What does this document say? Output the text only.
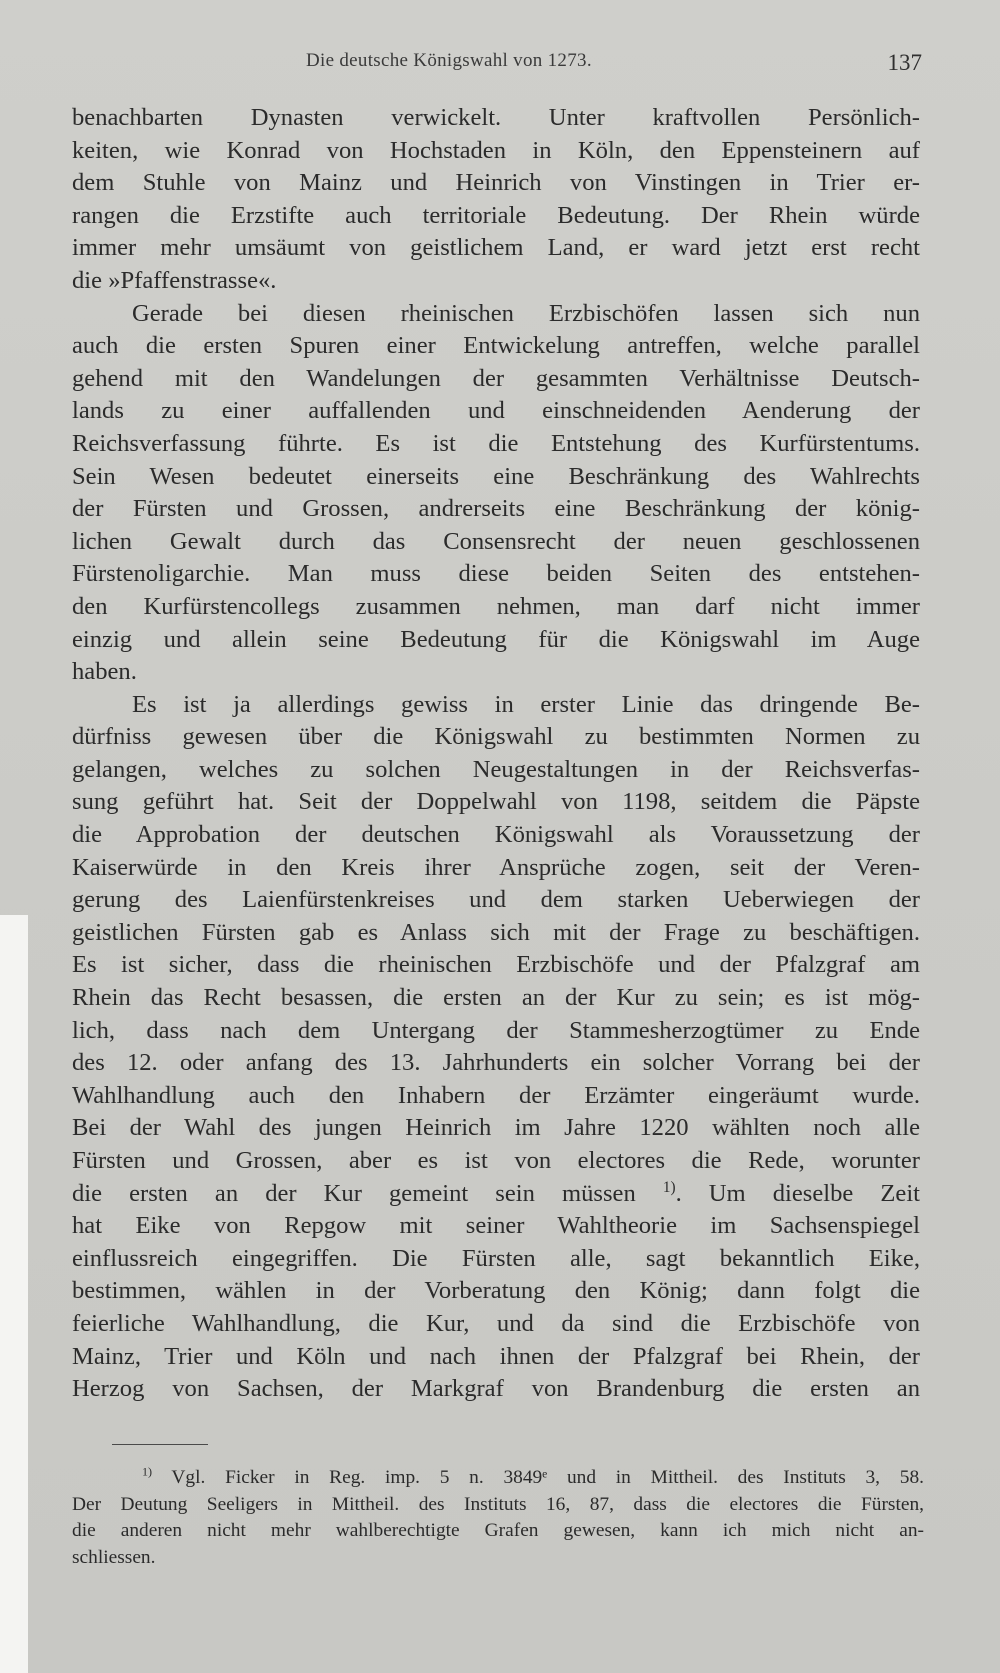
Die deutsche Königswahl von 1273.	137
benachbarten Dynasten verwickelt. Unter kraftvollen Persönlich-
keiten, wie Konrad von Hochstaden in Köln, den Eppensteinern auf
dem Stuhle von Mainz und Heinrich von Vinstingen in Trier er-
rangen die Erzstifte auch territoriale Bedeutung. Der Rhein würde
immer mehr umsäumt von geistlichem Land, er ward jetzt erst recht
die »Pfaffenstrasse«.
Gerade bei diesen rheinischen Erzbischöfen lassen sich nun
auch die ersten Spuren einer Entwickelung antreffen, welche parallel
gehend mit den Wandelungen der gesammten Verhältnisse Deutsch-
lands zu einer auffallenden und einschneidenden Aenderung der
Reichsverfassung führte. Es ist die Entstehung des Kurfürstentums.
Sein Wesen bedeutet einerseits eine Beschränkung des Wahlrechts
der Fürsten und Grossen, andrerseits eine Beschränkung der könig-
lichen Gewalt durch das Consensrecht der neuen geschlossenen
Fürstenoligarchie. Man muss diese beiden Seiten des entstehen-
den Kurfürstencollegs zusammen nehmen, man darf nicht immer
einzig und allein seine Bedeutung für die Königswahl im Auge
haben.
Es ist ja allerdings gewiss in erster Linie das dringende Be-
dürfniss gewesen über die Königswahl zu bestimmten Normen zu
gelangen, welches zu solchen Neugestaltungen in der Reichsverfas-
sung geführt hat. Seit der Doppelwahl von 1198, seitdem die Päpste
die Approbation der deutschen Königswahl als Voraussetzung der
Kaiserwürde in den Kreis ihrer Ansprüche zogen, seit der Veren-
gerung des Laienfürstenkreises und dem starken Ueberwiegen der
geistlichen Fürsten gab es Anlass sich mit der Frage zu beschäftigen.
Es ist sicher, dass die rheinischen Erzbischöfe und der Pfalzgraf am
Rhein das Recht besassen, die ersten an der Kur zu sein; es ist mög-
lich, dass nach dem Untergang der Stammesherzogtümer zu Ende
des 12. oder anfang des 13. Jahrhunderts ein solcher Vorrang bei der
Wahlhandlung auch den Inhabern der Erzämter eingeräumt wurde.
Bei der Wahl des jungen Heinrich im Jahre 1220 wählten noch alle
Fürsten und Grossen, aber es ist von electores die Rede, worunter
die ersten an der Kur gemeint sein müssen $^{1)}$. Um dieselbe Zeit
hat Eike von Repgow mit seiner Wahltheorie im Sachsenspiegel
einflussreich eingegriffen. Die Fürsten alle, sagt bekanntlich Eike,
bestimmen, wählen in der Vorberatung den König; dann folgt die
feierliche Wahlhandlung, die Kur, und da sind die Erzbischöfe von
Mainz, Trier und Köln und nach ihnen der Pfalzgraf bei Rhein, der
Herzog von Sachsen, der Markgraf von Brandenburg die ersten an
$^{1)}$ Vgl. Ficker in Reg. imp. 5 n. 3849ᵉ und in Mittheil. des Instituts 3, 58.
Der Deutung Seeligers in Mittheil. des Instituts 16, 87, dass die electores die Fürsten,
die anderen nicht mehr wahlberechtigte Grafen gewesen, kann ich mich nicht an-
schliessen.
